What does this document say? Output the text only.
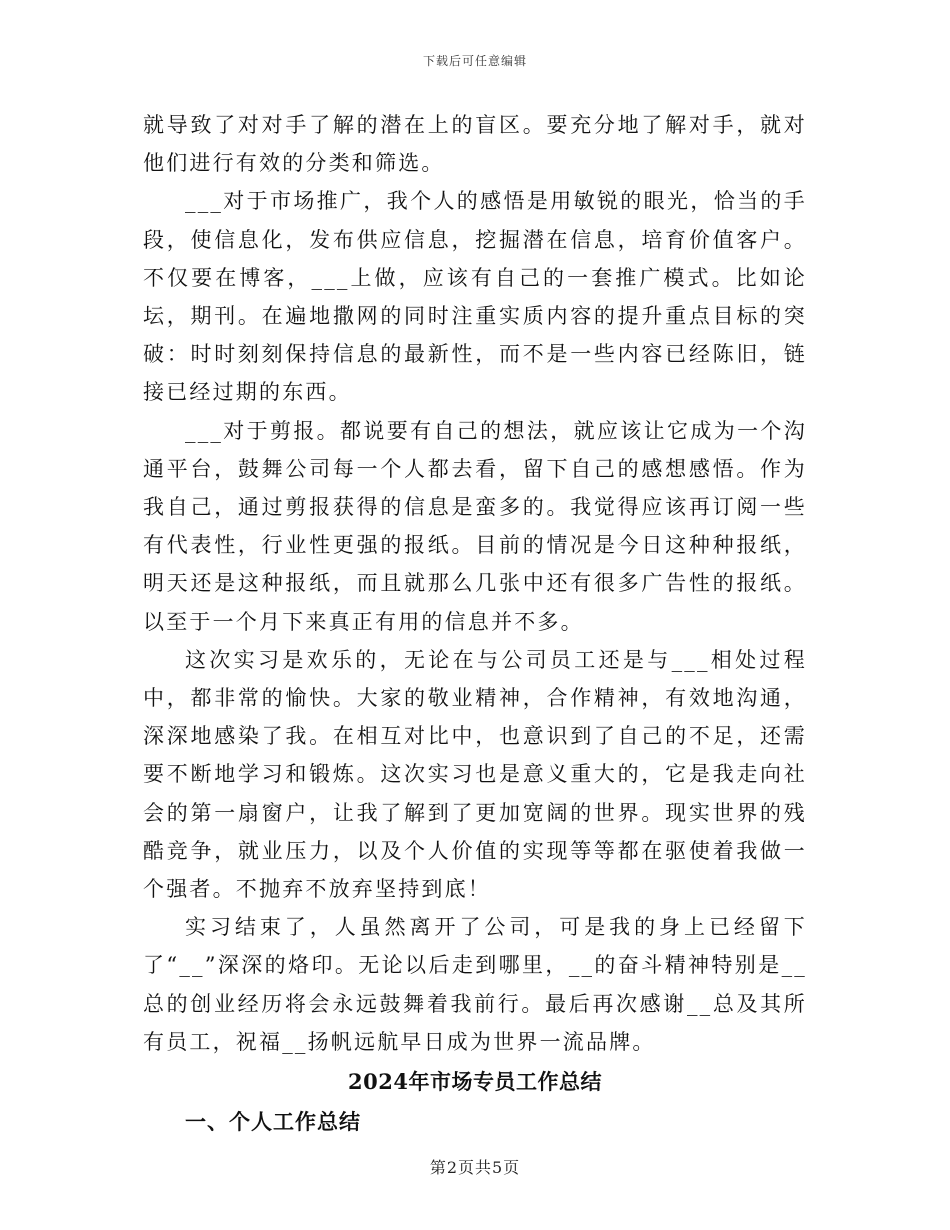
下载后可任意编辑

就导致了对对手了解的潜在上的盲区。要充分地了解对手，就对他们进行有效的分类和筛选。

___对于市场推广，我个人的感悟是用敏锐的眼光，恰当的手段，使信息化，发布供应信息，挖掘潜在信息，培育价值客户。不仅要在博客，___上做，应该有自己的一套推广模式。比如论坛，期刊。在遍地撒网的同时注重实质内容的提升重点目标的突破：时时刻刻保持信息的最新性，而不是一些内容已经陈旧，链接已经过期的东西。

___对于剪报。都说要有自己的想法，就应该让它成为一个沟通平台，鼓舞公司每一个人都去看，留下自己的感想感悟。作为我自己，通过剪报获得的信息是蛮多的。我觉得应该再订阅一些有代表性，行业性更强的报纸。目前的情况是今日这种种报纸，明天还是这种报纸，而且就那么几张中还有很多广告性的报纸。以至于一个月下来真正有用的信息并不多。

这次实习是欢乐的，无论在与公司员工还是与___相处过程中，都非常的愉快。大家的敬业精神，合作精神，有效地沟通，深深地感染了我。在相互对比中，也意识到了自己的不足，还需要不断地学习和锻炼。这次实习也是意义重大的，它是我走向社会的第一扇窗户，让我了解到了更加宽阔的世界。现实世界的残酷竞争，就业压力，以及个人价值的实现等等都在驱使着我做一个强者。不抛弃不放弃坚持到底！

实习结束了，人虽然离开了公司，可是我的身上已经留下了“__”深深的烙印。无论以后走到哪里，__的奋斗精神特别是__总的创业经历将会永远鼓舞着我前行。最后再次感谢__总及其所有员工，祝福__扬帆远航早日成为世界一流品牌。

2024年市场专员工作总结
一、个人工作总结
第2页共5页
